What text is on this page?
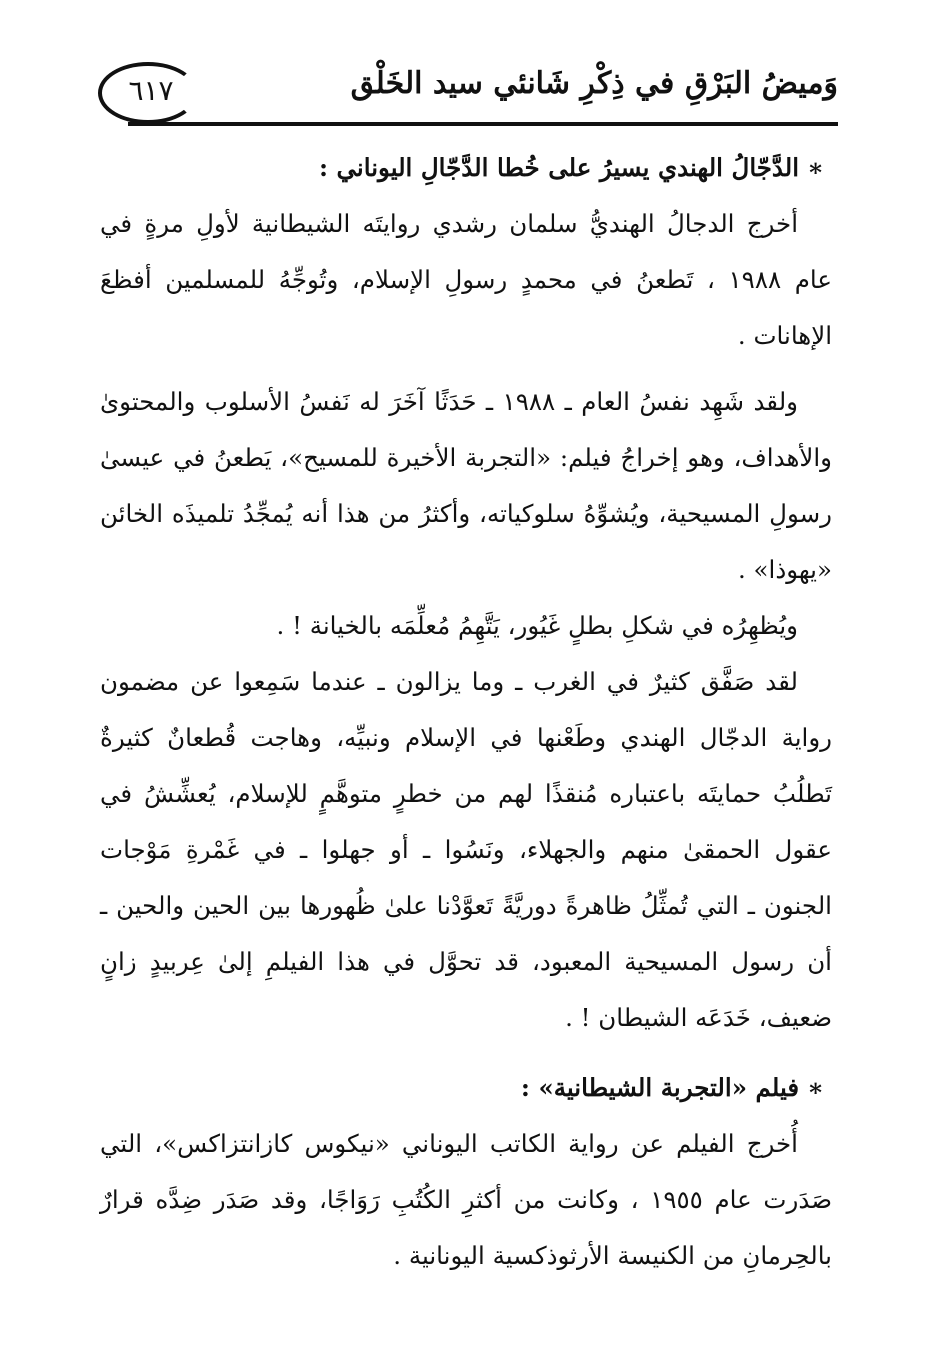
٦١٧	وَميضُ البَرْقِ في ذِكْرِ شَانئي سيد الخَلْق

∗الدَّجّالُ الهندي يسيرُ على خُطا الدَّجّالِ اليوناني :

أخرج الدجالُ الهنديُّ سلمان رشدي روايتَه الشيطانية لأولِ مرةٍ في عام ١٩٨٨ ، تَطعنُ في محمدٍ رسولِ الإسلام، وتُوجِّهُ للمسلمين أفظعَ الإهانات .

ولقد شَهِد نفسُ العام ـ ١٩٨٨ ـ حَدَثًا آخَرَ له نَفسُ الأسلوب والمحتوىٰ والأهداف، وهو إخراجُ فيلم: «التجربة الأخيرة للمسيح»، يَطعنُ في عيسىٰ رسولِ المسيحية، ويُشوِّهُ سلوكياته، وأكثرُ من هذا أنه يُمجِّدُ تلميذَه الخائن «يهوذا» .

ويُظهِرُه في شكلِ بطلٍ غَيُور، يَتَّهِمُ مُعلِّمَه بالخيانة ! .

لقد صَفَّق كثيرٌ في الغرب ـ وما يزالون ـ عندما سَمِعوا عن مضمون رواية الدجّال الهندي وطَعْنها في الإسلام ونبيِّه، وهاجت قُطعانٌ كثيرةٌ تَطلُبُ حمايتَه باعتباره مُنقذًا لهم من خطرٍ متوهَّمٍ للإسلام، يُعشِّشُ في عقول الحمقىٰ منهم والجهلاء، ونَسُوا ـ أو جهلوا ـ في غَمْرةِ مَوْجات الجنون ـ التي تُمثِّلُ ظاهرةً دوريَّةً تَعوَّدْنا علىٰ ظُهورها بين الحين والحين ـ أن رسول المسيحية المعبود، قد تحوَّل في هذا الفيلمِ إلىٰ عِربيدٍ زانٍ ضعيف، خَدَعَه الشيطان ! .

∗فيلم «التجربة الشيطانية» :

أُخرج الفيلم عن رواية الكاتب اليوناني «نيكوس كازانتزاكس»، التي صَدَرت عام ١٩٥٥ ، وكانت من أكثرِ الكُتُبِ رَوَاجًا، وقد صَدَر ضِدَّه قرارٌ بالحِرمانِ من الكنيسة الأرثوذكسية اليونانية .
